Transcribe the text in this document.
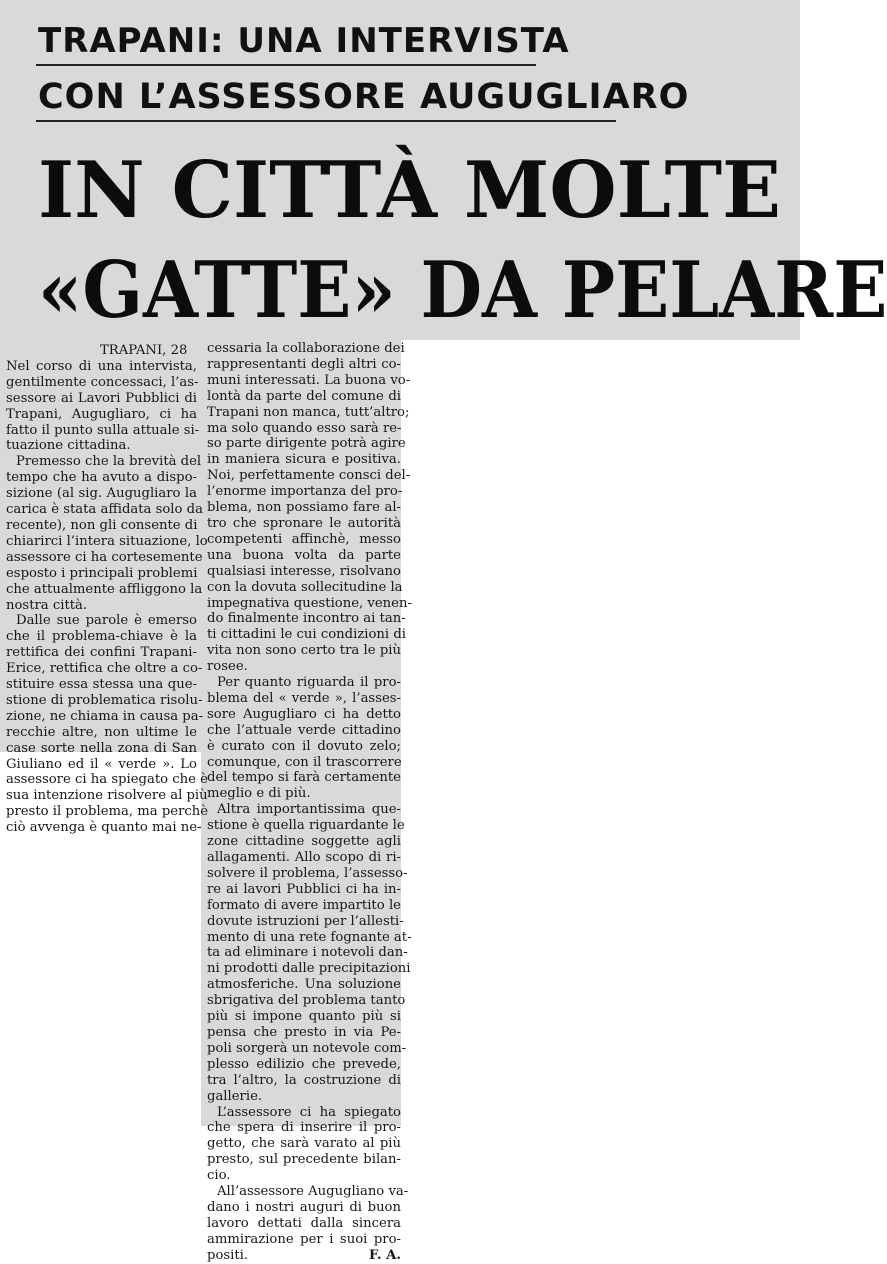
TRAPANI: UNA INTERVISTA
CON L’ASSESSORE AUGUGLIARO
IN CITTÀ MOLTE
«GATTE» DA PELARE
TRAPANI, 28
Nel corso di una intervista,
gentilmente concessaci, l’as-
sessore ai Lavori Pubblici di
Trapani, Augugliaro, ci ha
fatto il punto sulla attuale si-
tuazione cittadina.
Premesso che la brevità del
tempo che ha avuto a dispo-
sizione (al sig. Augugliaro la
carica è stata affidata solo da
recente), non gli consente di
chiarirci l’intera situazione, lo
assessore ci ha cortesemente
esposto i principali problemi
che attualmente affliggono la
nostra città.
Dalle sue parole è emerso
che il problema-chiave è la
rettifica dei confini Trapani-
Erice, rettifica che oltre a co-
stituire essa stessa una que-
stione di problematica risolu-
zione, ne chiama in causa pa-
recchie altre, non ultime le
case sorte nella zona di San
Giuliano ed il « verde ». Lo
assessore ci ha spiegato che è
sua intenzione risolvere al più
presto il problema, ma perchè
ciò avvenga è quanto mai ne-
cessaria la collaborazione dei
rappresentanti degli altri co-
muni interessati. La buona vo-
lontà da parte del comune di
Trapani non manca, tutt’altro;
ma solo quando esso sarà re-
so parte dirigente potrà agire
in maniera sicura e positiva.
Noi, perfettamente consci del-
l’enorme importanza del pro-
blema, non possiamo fare al-
tro che spronare le autorità
competenti affinchè, messo
una buona volta da parte
qualsiasi interesse, risolvano
con la dovuta sollecitudine la
impegnativa questione, venen-
do finalmente incontro ai tan-
ti cittadini le cui condizioni di
vita non sono certo tra le più
rosee.
Per quanto riguarda il pro-
blema del « verde », l’asses-
sore Augugliaro ci ha detto
che l’attuale verde cittadino
è curato con il dovuto zelo;
comunque, con il trascorrere
del tempo si farà certamente
meglio e di più.
Altra importantissima que-
stione è quella riguardante le
zone cittadine soggette agli
allagamenti. Allo scopo di ri-
solvere il problema, l’assesso-
re ai lavori Pubblici ci ha in-
formato di avere impartito le
dovute istruzioni per l’allesti-
mento di una rete fognante at-
ta ad eliminare i notevoli dan-
ni prodotti dalle precipitazioni
atmosferiche. Una soluzione
sbrigativa del problema tanto
più si impone quanto più si
pensa che presto in via Pe-
poli sorgerà un notevole com-
plesso edilizio che prevede,
tra l’altro, la costruzione di
gallerie.
L’assessore ci ha spiegato
che spera di inserire il pro-
getto, che sarà varato al più
presto, sul precedente bilan-
cio.
All’assessore Augugliano va-
dano i nostri auguri di buon
lavoro dettati dalla sincera
ammirazione per i suoi pro-
positi.	F. A.
